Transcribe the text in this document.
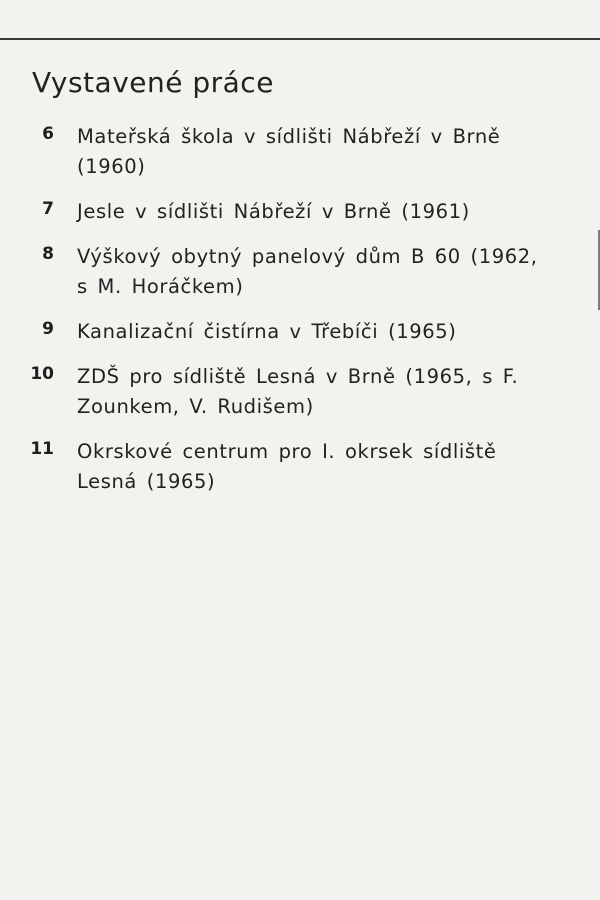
Vystavené práce
6 Mateřská škola v sídlišti Nábřeží v Brně (1960)
7 Jesle v sídlišti Nábřeží v Brně (1961)
8 Výškový obytný panelový dům B 60 (1962, s M. Horáčkem)
9 Kanalizační čistírna v Třebíči (1965)
10 ZDŠ pro sídliště Lesná v Brně (1965, s F. Zounkem, V. Rudišem)
11 Okrskové centrum pro I. okrsek sídliště Lesná (1965)
